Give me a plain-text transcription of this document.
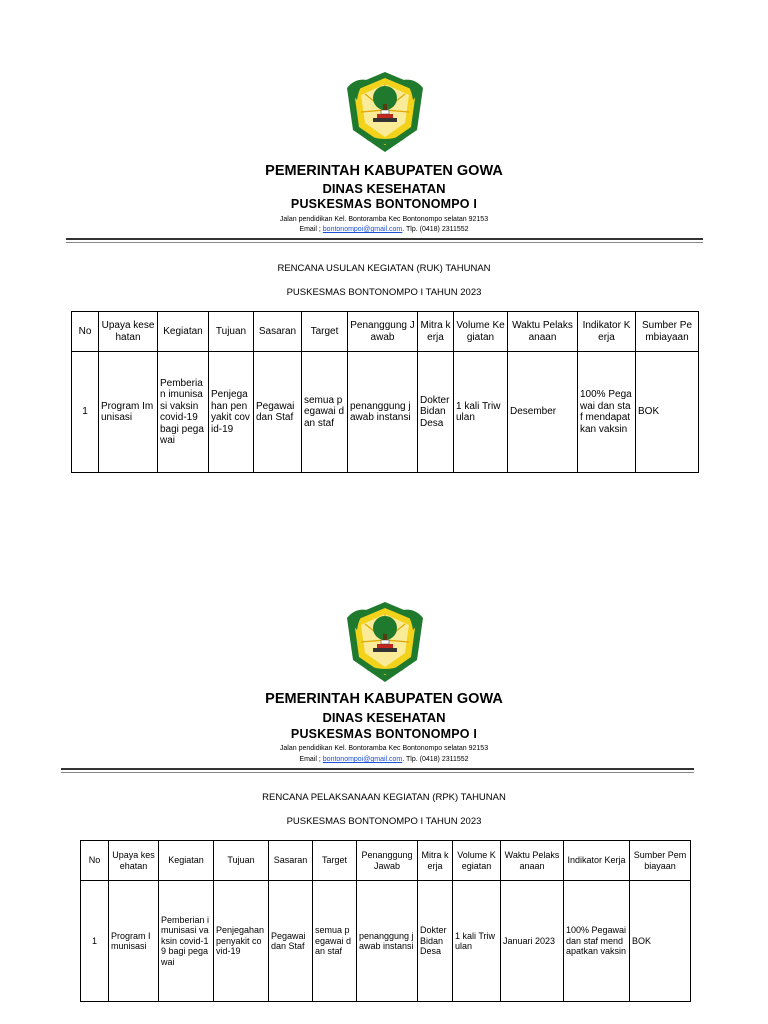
PEMERINTAH KABUPATEN GOWA
DINAS KESEHATAN
PUSKESMAS BONTONOMPO I
Jalan pendidikan Kel. Bontoramba Kec Bontonompo selatan 92153
Email ; bontonompoi@gmail.com. Tlp. (0418) 2311552
RENCANA USULAN KEGIATAN (RUK) TAHUNAN
PUSKESMAS BONTONOMPO I TAHUN 2023
No	Upaya kesehatan	Kegiatan	Tujuan	Sasaran	Target	Penanggung Jawab	Mitra kerja	Volume Kegiatan	Waktu Pelaksanaan	Indikator Kerja	Sumber Pembiayaan
1	Program Imunisasi	Pemberian imunisasi vaksin covid-19 bagi pegawai	Penjegahan penyakit covid-19	Pegawai dan Staf	semua pegawai dan staf	penanggung jawab instansi	Dokter Bidan Desa	1 kali Triwulan	Desember	100% Pegawai dan staf mendapatkan vaksin	BOK
PEMERINTAH KABUPATEN GOWA
DINAS KESEHATAN
PUSKESMAS BONTONOMPO I
Jalan pendidikan Kel. Bontoramba Kec Bontonompo selatan 92153
Email ; bontonompoi@gmail.com. Tlp. (0418) 2311552
RENCANA PELAKSANAAN KEGIATAN (RPK) TAHUNAN
PUSKESMAS BONTONOMPO I TAHUN 2023
No	Upaya kesehatan	Kegiatan	Tujuan	Sasaran	Target	Penanggung Jawab	Mitra kerja	Volume Kegiatan	Waktu Pelaksanaan	Indikator Kerja	Sumber Pembiayaan
1	Program Imunisasi	Pemberian imunisasi vaksin covid-19 bagi pegawai	Penjegahan penyakit covid-19	Pegawai dan Staf	semua pegawai dan staf	penanggung jawab instansi	Dokter Bidan Desa	1 kali Triwulan	Januari 2023	100% Pegawai dan staf mendapatkan vaksin	BOK
